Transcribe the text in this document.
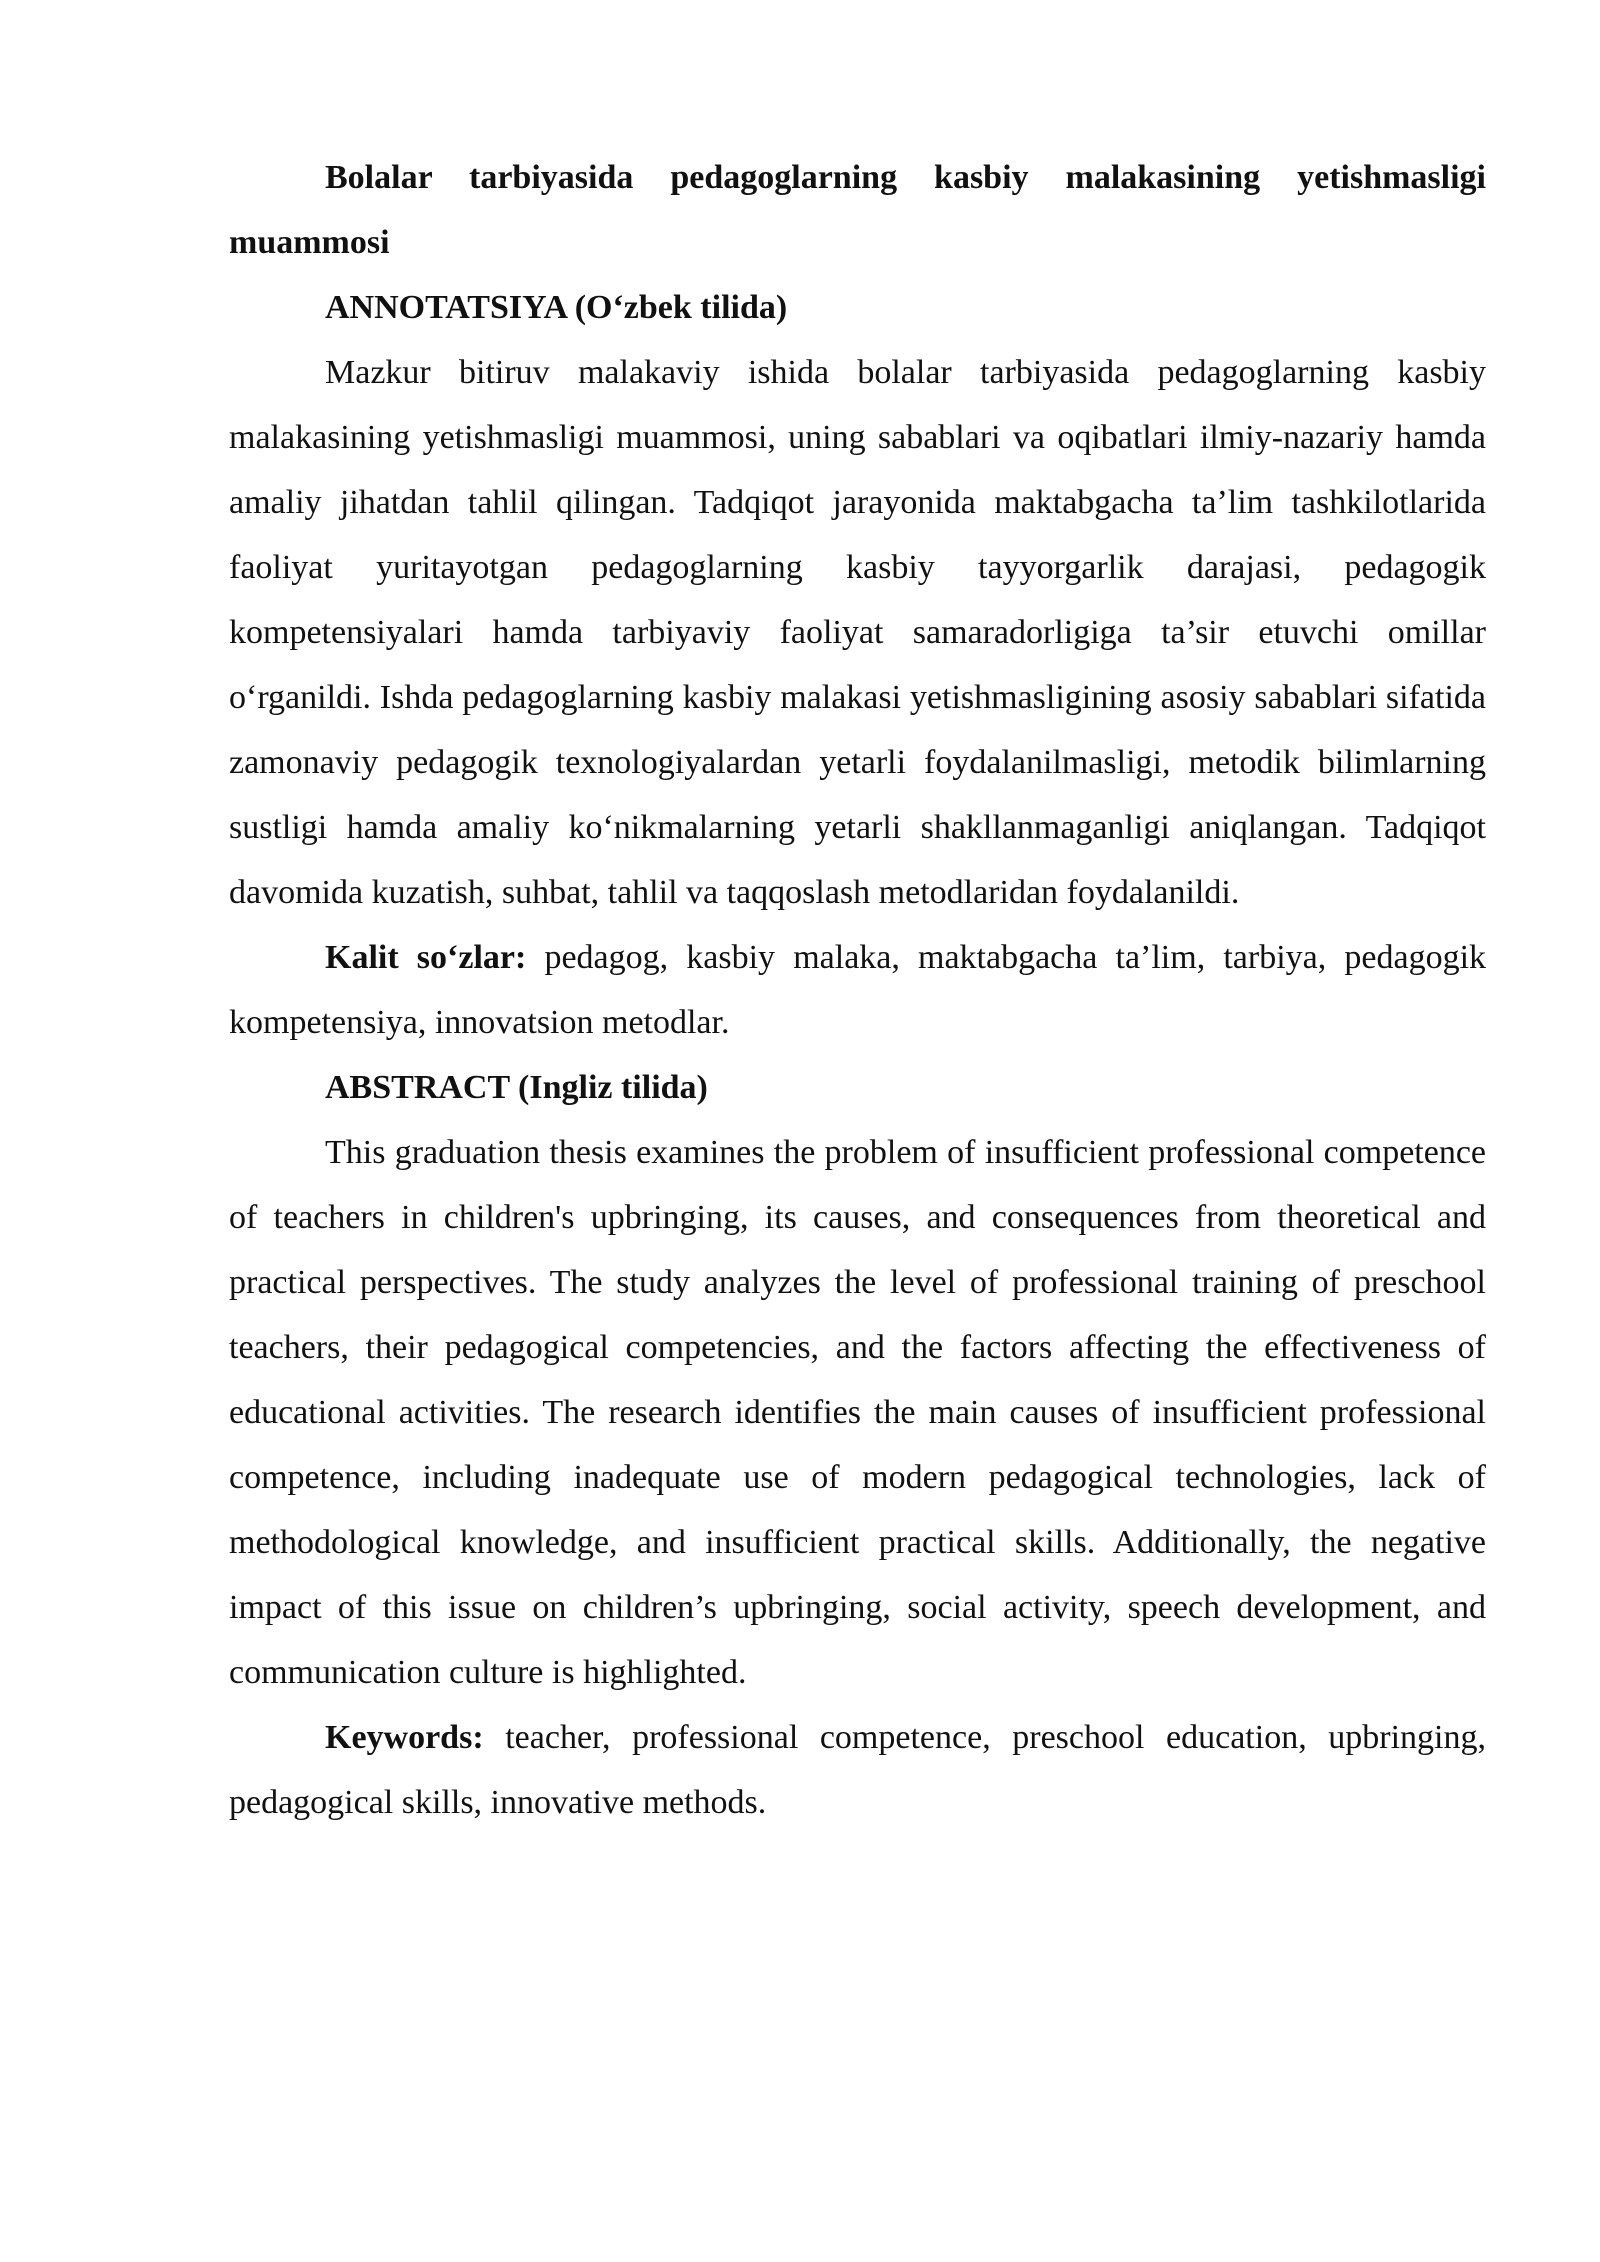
Bolalar tarbiyasida pedagoglarning kasbiy malakasining yetishmasligi muammosi

ANNOTATSIYA (O‘zbek tilida)

Mazkur bitiruv malakaviy ishida bolalar tarbiyasida pedagoglarning kasbiy malakasining yetishmasligi muammosi, uning sabablari va oqibatlari ilmiy-nazariy hamda amaliy jihatdan tahlil qilingan. Tadqiqot jarayonida maktabgacha ta’lim tashkilotlarida faoliyat yuritayotgan pedagoglarning kasbiy tayyorgarlik darajasi, pedagogik kompetensiyalari hamda tarbiyaviy faoliyat samaradorligiga ta’sir etuvchi omillar o‘rganildi. Ishda pedagoglarning kasbiy malakasi yetishmasligining asosiy sabablari sifatida zamonaviy pedagogik texnologiyalardan yetarli foydalanilmasligi, metodik bilimlarning sustligi hamda amaliy ko‘nikmalarning yetarli shakllanmaganligi aniqlangan. Tadqiqot davomida kuzatish, suhbat, tahlil va taqqoslash metodlaridan foydalanildi.

Kalit so‘zlar: pedagog, kasbiy malaka, maktabgacha ta’lim, tarbiya, pedagogik kompetensiya, innovatsion metodlar.

ABSTRACT (Ingliz tilida)

This graduation thesis examines the problem of insufficient professional competence of teachers in children's upbringing, its causes, and consequences from theoretical and practical perspectives. The study analyzes the level of professional training of preschool teachers, their pedagogical competencies, and the factors affecting the effectiveness of educational activities. The research identifies the main causes of insufficient professional competence, including inadequate use of modern pedagogical technologies, lack of methodological knowledge, and insufficient practical skills. Additionally, the negative impact of this issue on children’s upbringing, social activity, speech development, and communication culture is highlighted.

Keywords: teacher, professional competence, preschool education, upbringing, pedagogical skills, innovative methods.
